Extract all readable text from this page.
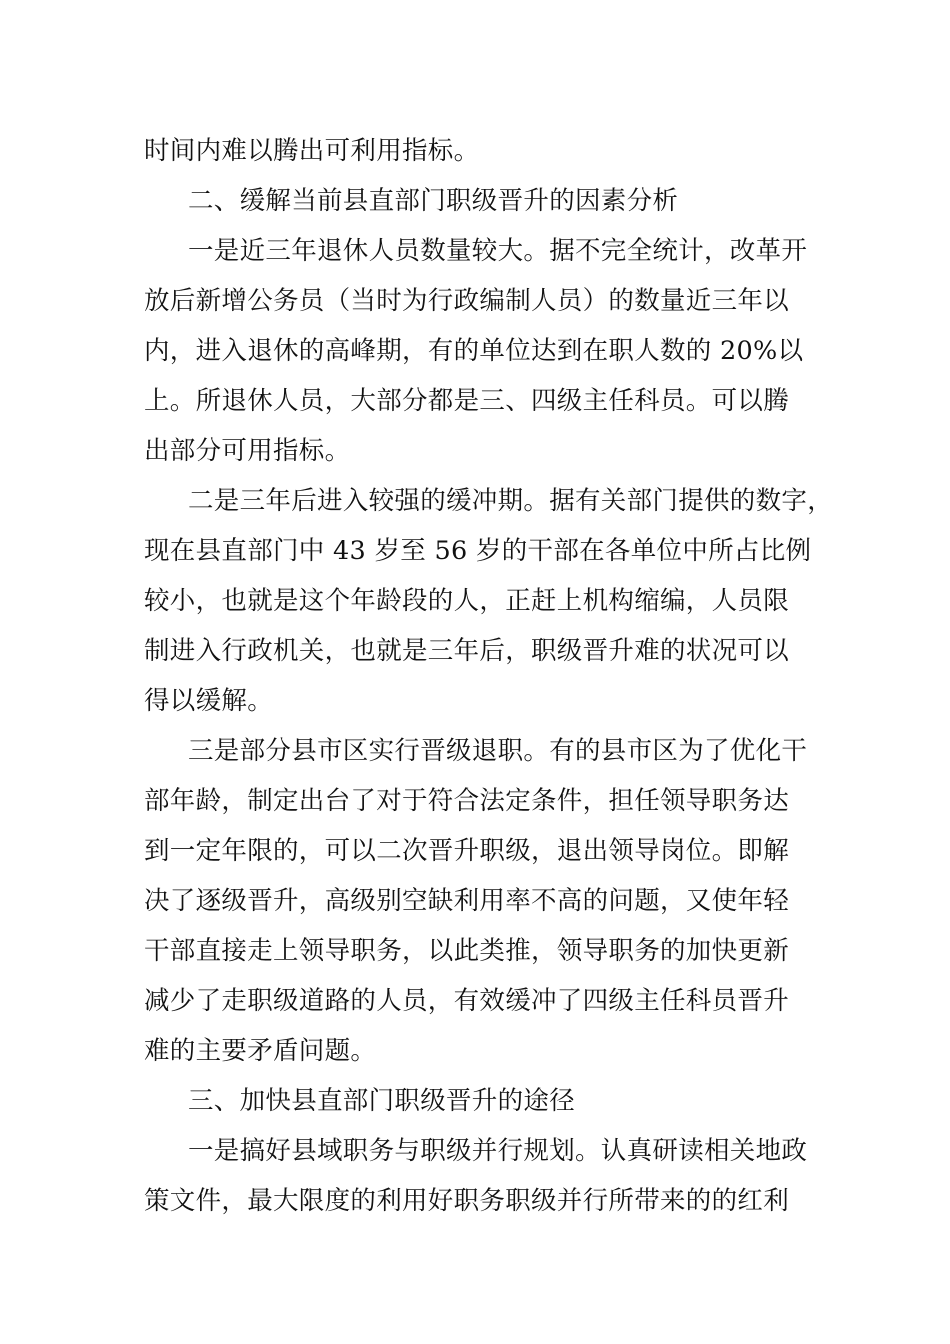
时间内难以腾出可利用指标。
二、缓解当前县直部门职级晋升的因素分析
一是近三年退休人员数量较大。据不完全统计，改革开
放后新增公务员（当时为行政编制人员）的数量近三年以
内，进入退休的高峰期，有的单位达到在职人数的 20%以
上。所退休人员，大部分都是三、四级主任科员。可以腾
出部分可用指标。
二是三年后进入较强的缓冲期。据有关部门提供的数字，
现在县直部门中 43 岁至 56 岁的干部在各单位中所占比例
较小，也就是这个年龄段的人，正赶上机构缩编，人员限
制进入行政机关，也就是三年后，职级晋升难的状况可以
得以缓解。
三是部分县市区实行晋级退职。有的县市区为了优化干
部年龄，制定出台了对于符合法定条件，担任领导职务达
到一定年限的，可以二次晋升职级，退出领导岗位。即解
决了逐级晋升，高级别空缺利用率不高的问题，又使年轻
干部直接走上领导职务，以此类推，领导职务的加快更新
减少了走职级道路的人员，有效缓冲了四级主任科员晋升
难的主要矛盾问题。
三、加快县直部门职级晋升的途径
一是搞好县域职务与职级并行规划。认真研读相关地政
策文件，最大限度的利用好职务职级并行所带来的的红利
